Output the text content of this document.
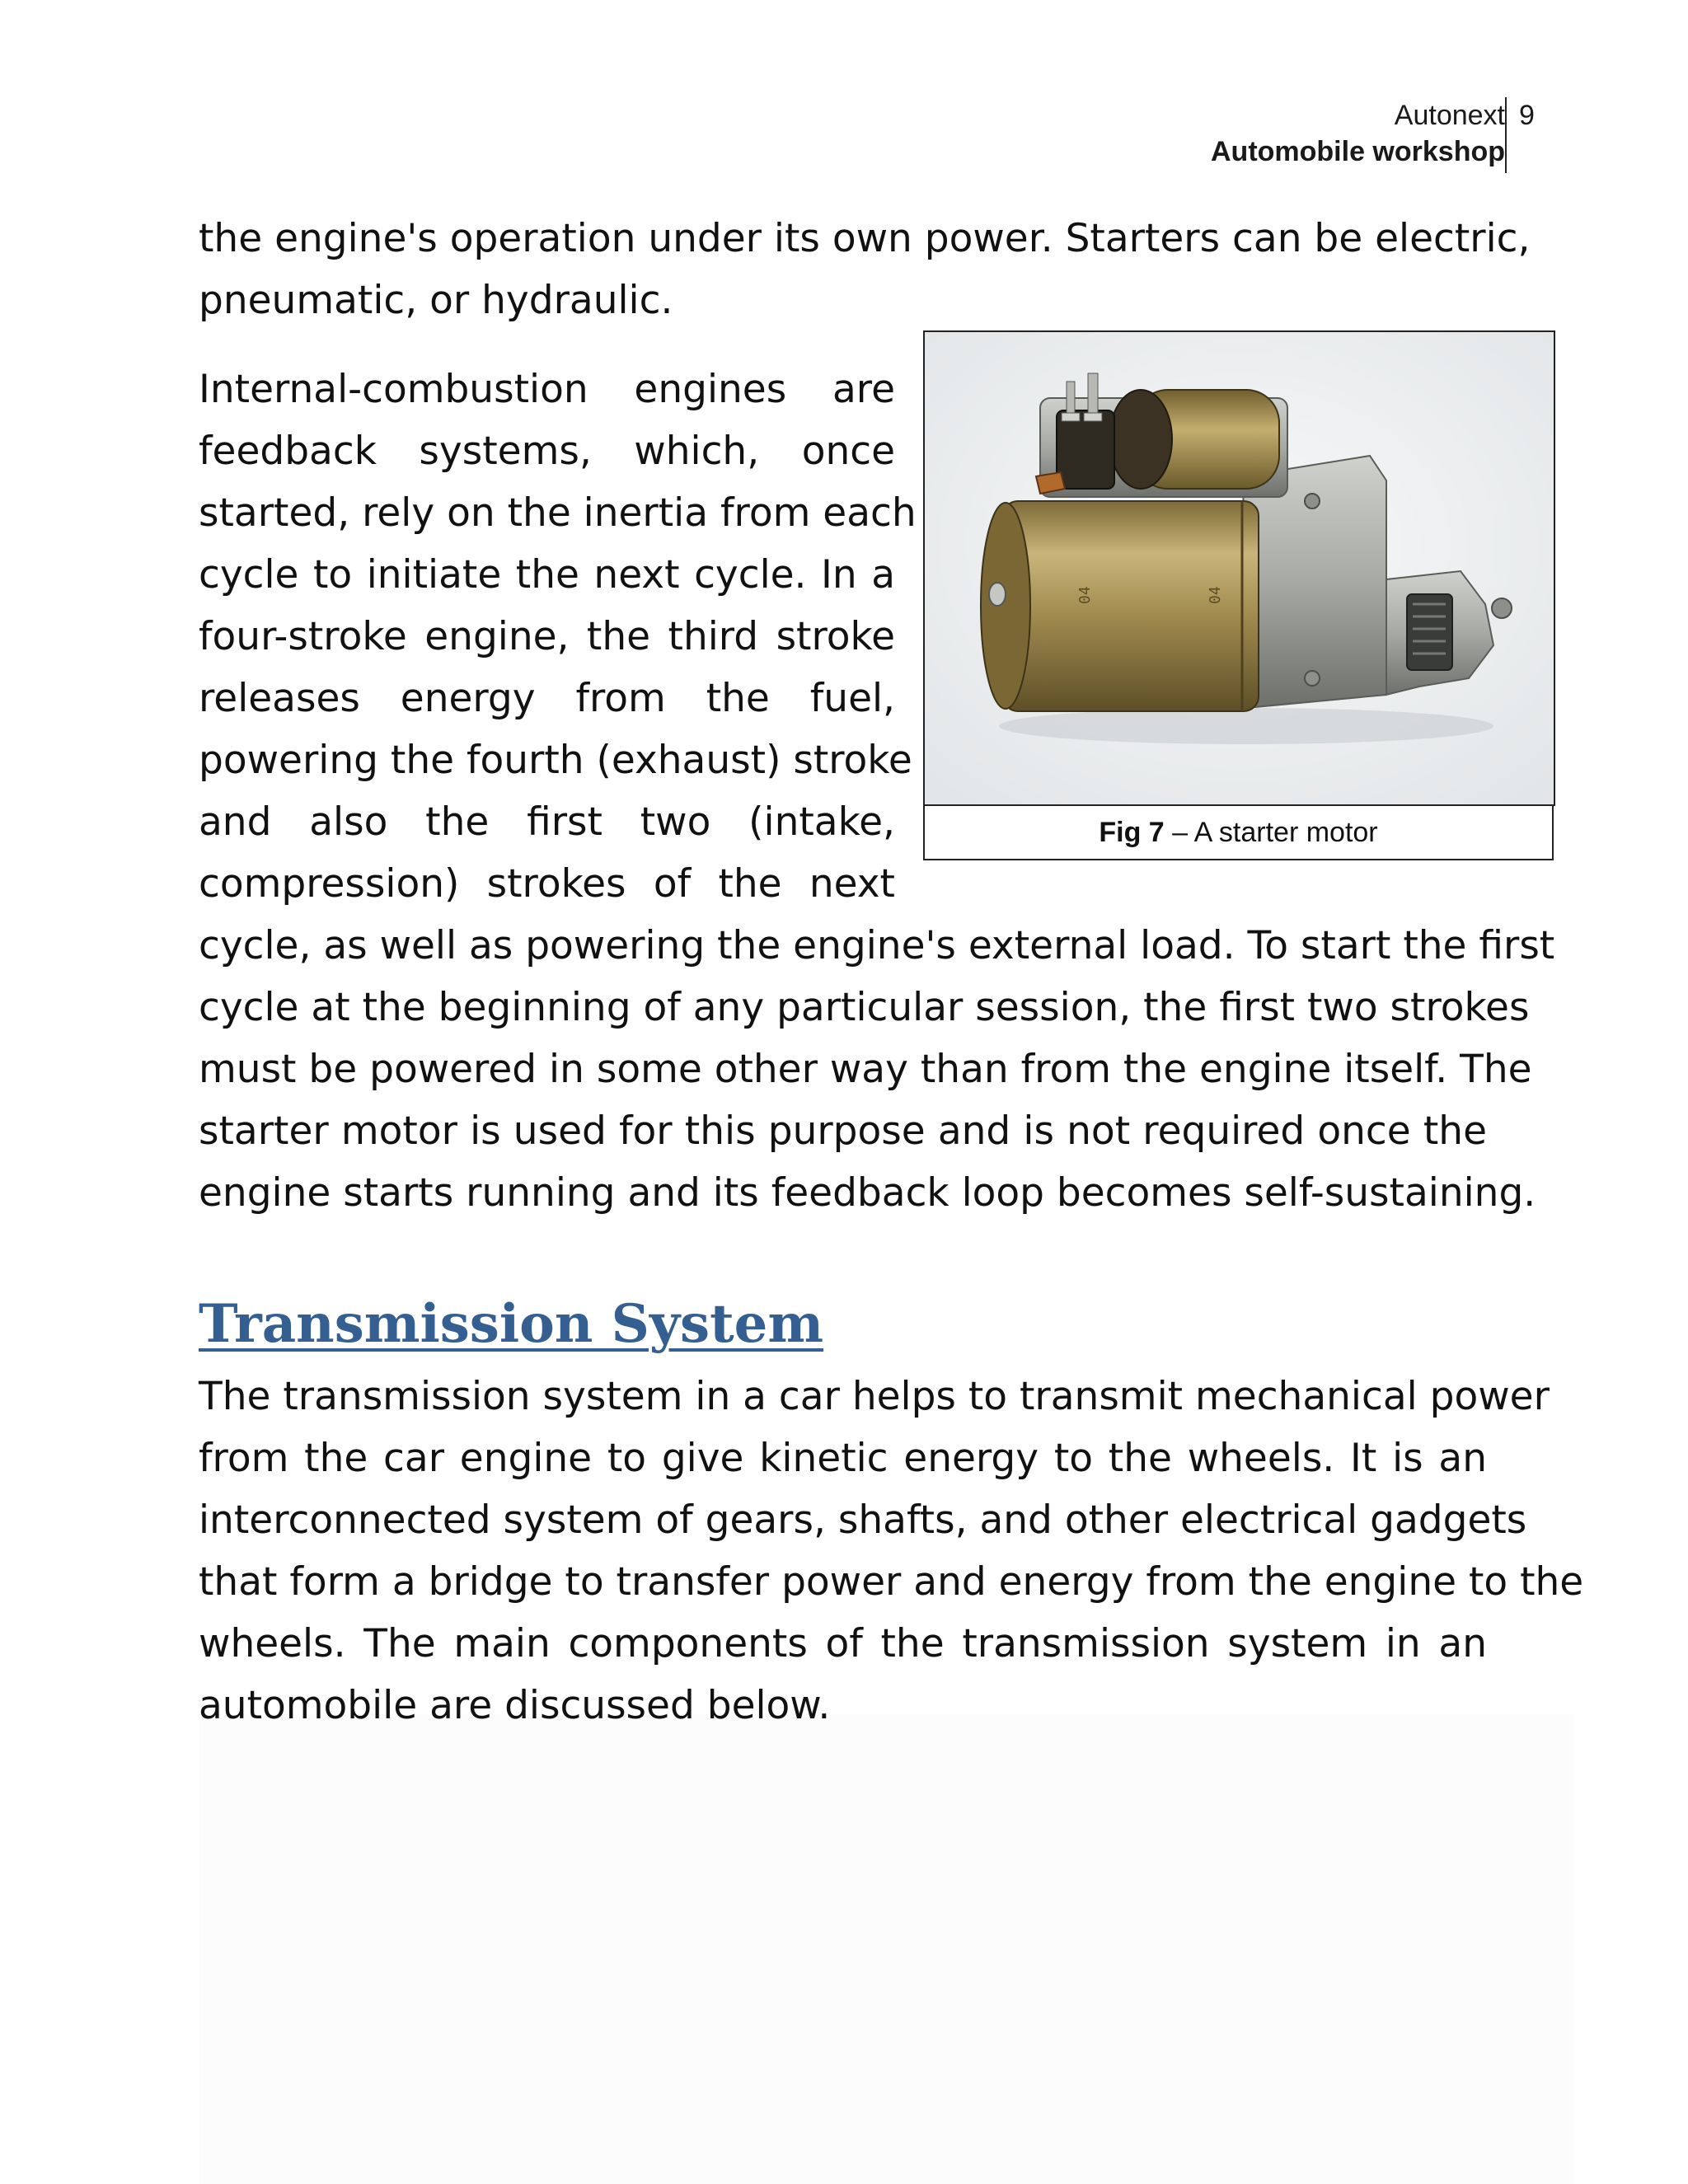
Autonext
Automobile workshop
9

the engine's operation under its own power. Starters can be electric,
pneumatic, or hydraulic.

Internal-combustion engines are
feedback systems, which, once
started, rely on the inertia from each
cycle to initiate the next cycle. In a
four-stroke engine, the third stroke
releases energy from the fuel,
powering the fourth (exhaust) stroke
and also the first two (intake,
compression) strokes of the next

04	04
Fig 7 – A starter motor

cycle, as well as powering the engine's external load. To start the first
cycle at the beginning of any particular session, the first two strokes
must be powered in some other way than from the engine itself. The
starter motor is used for this purpose and is not required once the
engine starts running and its feedback loop becomes self-sustaining.

Transmission System

The transmission system in a car helps to transmit mechanical power
from the car engine to give kinetic energy to the wheels. It is an
interconnected system of gears, shafts, and other electrical gadgets
that form a bridge to transfer power and energy from the engine to the
wheels. The main components of the transmission system in an
automobile are discussed below.
